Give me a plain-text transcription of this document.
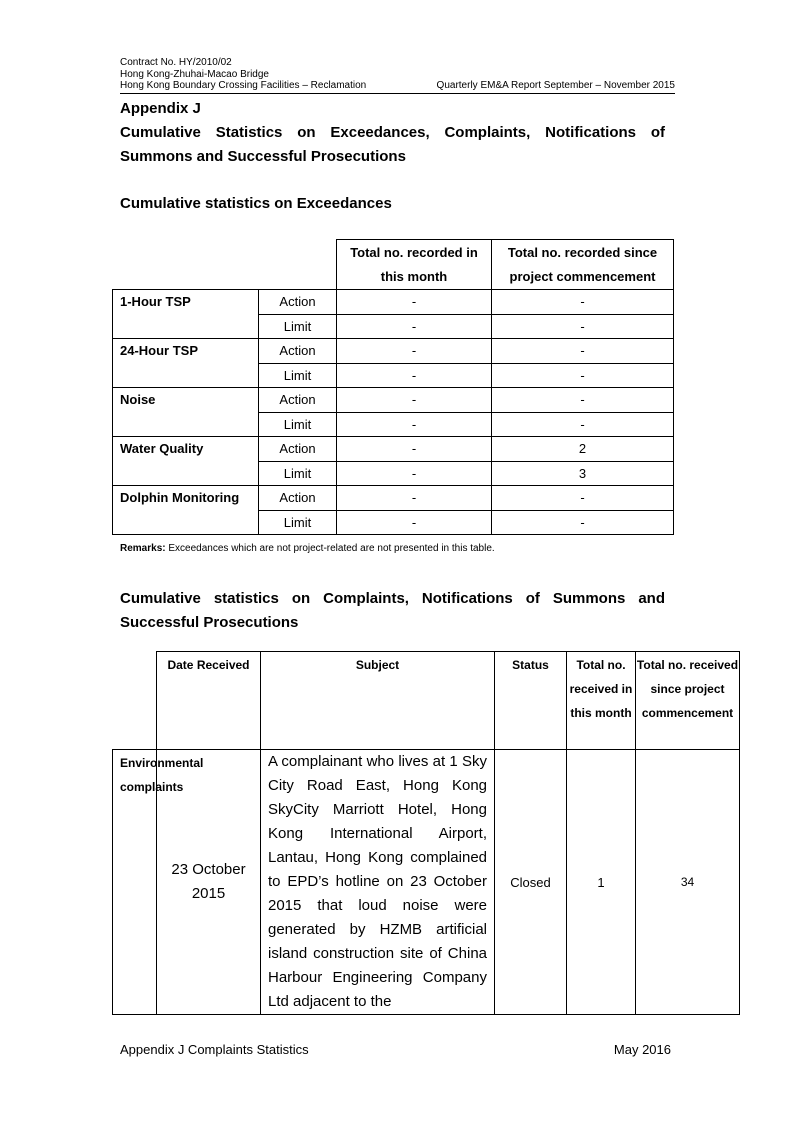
Contract No. HY/2010/02
Hong Kong-Zhuhai-Macao Bridge
Hong Kong Boundary Crossing Facilities – Reclamation	Quarterly EM&A Report September – November 2015
Appendix J
Cumulative Statistics on Exceedances, Complaints, Notifications of Summons and Successful Prosecutions
Cumulative statistics on Exceedances
		Total no. recorded in this month	Total no. recorded since project commencement
1-Hour TSP	Action	-	-
	Limit	-	-
24-Hour TSP	Action	-	-
	Limit	-	-
Noise	Action	-	-
	Limit	-	-
Water Quality	Action	-	2
	Limit	-	3
Dolphin Monitoring	Action	-	-
	Limit	-	-
Remarks: Exceedances which are not project-related are not presented in this table.
Cumulative statistics on Complaints, Notifications of Summons and Successful Prosecutions
	Date Received	Subject	Status	Total no. received in this month	Total no. received since project commencement
Environmental complaints	23 October 2015	A complainant who lives at 1 Sky City Road East, Hong Kong SkyCity Marriott Hotel, Hong Kong International Airport, Lantau, Hong Kong complained to EPD’s hotline on 23 October 2015 that loud noise were generated by HZMB artificial island construction site of China Harbour Engineering Company Ltd adjacent to the	Closed	1	34
Appendix J Complaints Statistics	May 2016
